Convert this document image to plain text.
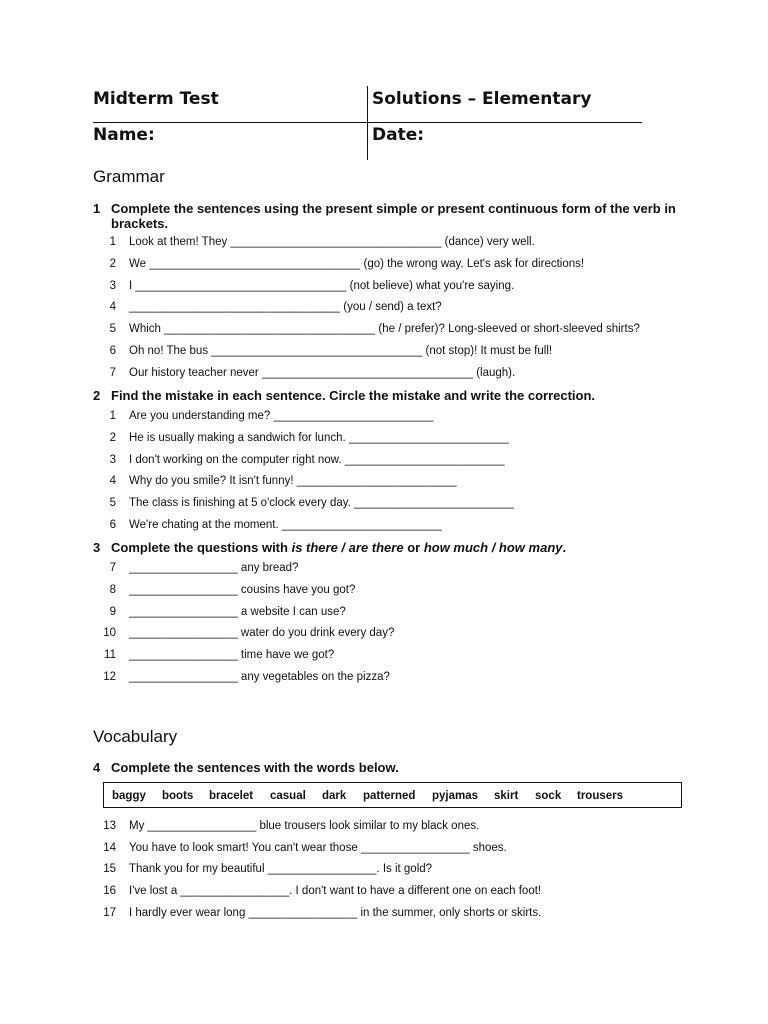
Midterm Test	Solutions – Elementary
Name:	Date:
Grammar
1 Complete the sentences using the present simple or present continuous form of the verb in brackets.
1 Look at them! They _________________________________ (dance) very well.
2 We _________________________________ (go) the wrong way. Let's ask for directions!
3 I _________________________________ (not believe) what you're saying.
4 _________________________________ (you / send) a text?
5 Which _________________________________ (he / prefer)? Long-sleeved or short-sleeved shirts?
6 Oh no! The bus _________________________________ (not stop)! It must be full!
7 Our history teacher never _________________________________ (laugh).
2 Find the mistake in each sentence. Circle the mistake and write the correction.
1 Are you understanding me? _________________________
2 He is usually making a sandwich for lunch. _________________________
3 I don't working on the computer right now. _________________________
4 Why do you smile? It isn't funny! _________________________
5 The class is finishing at 5 o'clock every day. _________________________
6 We're chating at the moment. _________________________
3 Complete the questions with is there / are there or how much / how many.
7 _________________ any bread?
8 _________________ cousins have you got?
9 _________________ a website I can use?
10 _________________ water do you drink every day?
11 _________________ time have we got?
12 _________________ any vegetables on the pizza?
Vocabulary
4 Complete the sentences with the words below.
baggy boots bracelet casual dark patterned pyjamas skirt sock trousers
13 My _________________ blue trousers look similar to my black ones.
14 You have to look smart! You can't wear those _________________ shoes.
15 Thank you for my beautiful _________________. Is it gold?
16 I've lost a _________________. I don't want to have a different one on each foot!
17 I hardly ever wear long _________________ in the summer, only shorts or skirts.
